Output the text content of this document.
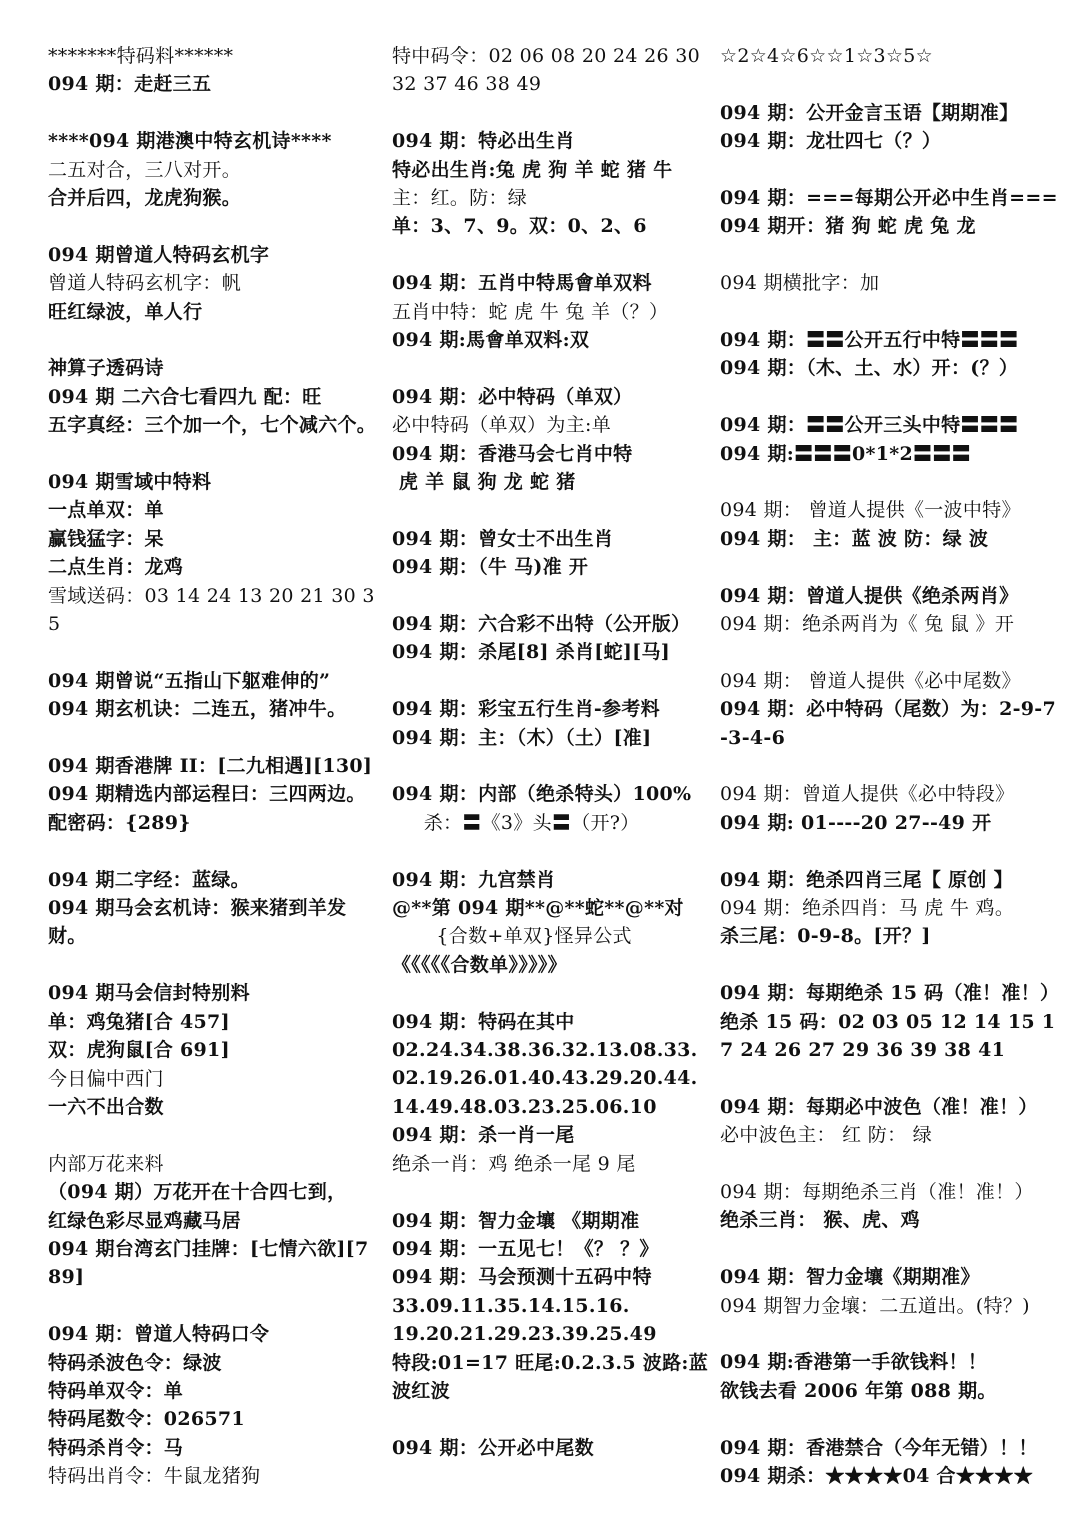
*******特码料******
094 期：走赶三五
****094 期港澳中特玄机诗****
二五对合，三八对开。
合并后四，龙虎狗猴。
094 期曾道人特码玄机字
曾道人特码玄机字：帆
旺红绿波，单人行
神算子透码诗
094 期 二六合七看四九 配：旺
五字真经：三个加一个，七个减六个。
094 期雪域中特料
一点单双：单
赢钱猛字：呆
二点生肖：龙鸡
雪域送码：03 14 24 13 20 21 30 35
094 期曾说“五指山下躯难伸的”
094 期玄机诀：二连五，猪冲牛。
094 期香港牌 II：[二九相遇][130]
094 期精选内部运程曰：三四两边。
配密码：{289}
094 期二字经：蓝绿。
094 期马会玄机诗：猴来猪到羊发财。
094 期马会信封特别料
单：鸡兔猪[合 457]
双：虎狗鼠[合 691]
今日偏中西门
一六不出合数
内部万花来料
（094 期）万花开在十合四七到，
红绿色彩尽显鸡藏马居
094 期台湾玄门挂牌：[七情六欲][789]
094 期：曾道人特码口令
特码杀波色令：绿波
特码单双令：单
特码尾数令：026571
特码杀肖令：马
特码出肖令：牛鼠龙猪狗
特中码令：02 06 08 20 24 26 30 32 37 46 38 49
094 期：特必出生肖
特必出生肖:兔 虎 狗 羊 蛇 猪 牛
主：红。防：绿
单：3、7、9。双：0、2、6
094 期：五肖中特馬會单双料
五肖中特：蛇 虎 牛 兔 羊（？）
094 期:馬會单双料:双
094 期：必中特码（单双）
必中特码（单双）为主:单
094 期：香港马会七肖中特
虎 羊 鼠 狗 龙 蛇 猪
094 期：曾女士不出生肖
094 期：（牛 马)准 开
094 期：六合彩不出特（公开版）
094 期：杀尾[8] 杀肖[蛇][马]
094 期：彩宝五行生肖-参考料
094 期：主：（木）（土）[准]
094 期：内部（绝杀特头）100%
杀：〓《3》头〓（开?）
094 期：九宫禁肖
@**第 094 期**@**蛇**@**对
{合数+单双}怪异公式
《《《《《合数单》》》》》
094 期：特码在其中
02.24.34.38.36.32.13.08.33.02.19.26.01.40.43.29.20.44.14.49.48.03.23.25.06.10
094 期：杀一肖一尾
绝杀一肖：鸡 绝杀一尾 9 尾
094 期：智力金壤 《期期准
094 期：一五见七！《？ ？》
094 期：马会预测十五码中特
33.09.11.35.14.15.16.
19.20.21.29.23.39.25.49
特段:01=17 旺尾:0.2.3.5 波路:蓝波红波
094 期：公开必中尾数
☆2☆4☆6☆☆1☆3☆5☆
094 期：公开金言玉语【期期准】
094 期：龙壮四七（？）
094 期：===每期公开必中生肖===
094 期开：猪 狗 蛇 虎 兔 龙
094 期横批字：加
094 期：〓〓公开五行中特〓〓〓
094 期：（木、土、水）开：(？）
094 期：〓〓公开三头中特〓〓〓
094 期:〓〓〓0*1*2〓〓〓
094 期： 曾道人提供《一波中特》
094 期： 主：蓝 波 防：绿 波
094 期：曾道人提供《绝杀两肖》
094 期：绝杀两肖为《 兔 鼠 》开
094 期： 曾道人提供《必中尾数》
094 期：必中特码（尾数）为：2-9-7-3-4-6
094 期：曾道人提供《必中特段》
094 期: 01----20 27--49 开
094 期：绝杀四肖三尾【 原创 】
094 期：绝杀四肖：马 虎 牛 鸡。
杀三尾：0-9-8。[开？]
094 期：每期绝杀 15 码（准！准！）
绝杀 15 码：02 03 05 12 14 15 17 24 26 27 29 36 39 38 41
094 期：每期必中波色（准！准！）
必中波色主： 红 防： 绿
094 期：每期绝杀三肖（准！准！）
绝杀三肖： 猴、虎、鸡
094 期：智力金壤《期期准》
094 期智力金壤：二五道出。(特？)
094 期:香港第一手欲钱料！！
欲钱去看 2006 年第 088 期。
094 期：香港禁合（今年无错）！！
094 期杀：★★★★04 合★★★★
